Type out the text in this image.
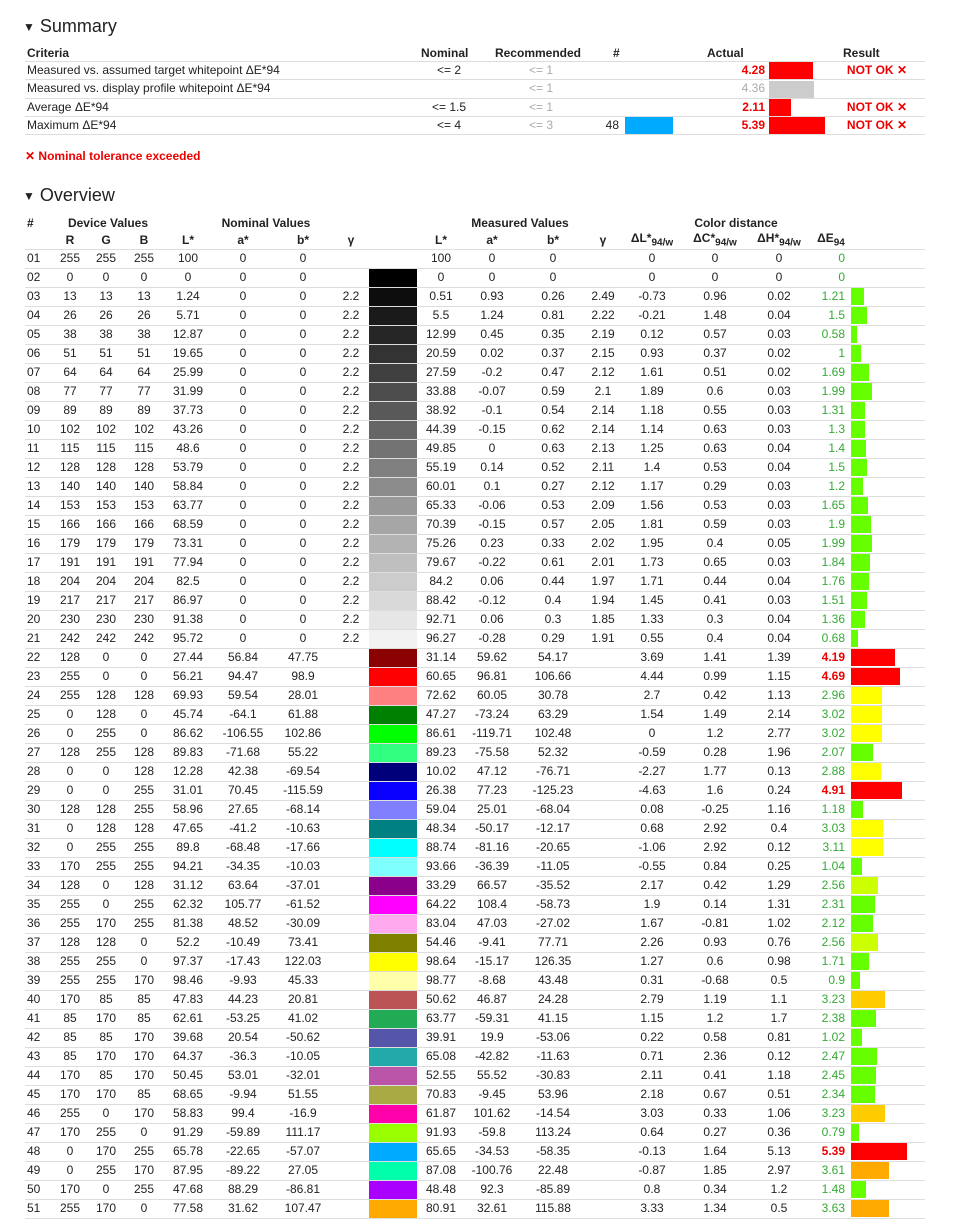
▼ Summary
Criteria	Nominal	Recommended	#	Actual		Result
Measured vs. assumed target whitepoint ΔE*94	<= 2	<= 1		4.28		NOT OK ✕
Measured vs. display profile whitepoint ΔE*94		<= 1		4.36		
Average ΔE*94	<= 1.5	<= 1		2.11		NOT OK ✕
Maximum ΔE*94	<= 4	<= 3	48	5.39		NOT OK ✕
✕ Nominal tolerance exceeded
▼ Overview
#	Device Values			Nominal Values					Measured Values				Color distance				
	R	G	B	L*	a*	b*	γ		L*	a*	b*	γ	$\Delta L*_{94/w}$	$\Delta C*_{94/w}$	$\Delta H*_{94/w}$	$\Delta E_{94}$	
01	255	255	255	100	0	0			100	0	0		0	0	0	0	
02	0	0	0	0	0	0			0	0	0		0	0	0	0	
03	13	13	13	1.24	0	0	2.2		0.51	0.93	0.26	2.49	-0.73	0.96	0.02	1.21	

04	26	26	26	5.71	0	0	2.2		5.5	1.24	0.81	2.22	-0.21	1.48	0.04	1.5	

05	38	38	38	12.87	0	0	2.2		12.99	0.45	0.35	2.19	0.12	0.57	0.03	0.58	

06	51	51	51	19.65	0	0	2.2		20.59	0.02	0.37	2.15	0.93	0.37	0.02	1	

07	64	64	64	25.99	0	0	2.2		27.59	-0.2	0.47	2.12	1.61	0.51	0.02	1.69	

08	77	77	77	31.99	0	0	2.2		33.88	-0.07	0.59	2.1	1.89	0.6	0.03	1.99	

09	89	89	89	37.73	0	0	2.2		38.92	-0.1	0.54	2.14	1.18	0.55	0.03	1.31	

10	102	102	102	43.26	0	0	2.2		44.39	-0.15	0.62	2.14	1.14	0.63	0.03	1.3	

11	115	115	115	48.6	0	0	2.2		49.85	0	0.63	2.13	1.25	0.63	0.04	1.4	

12	128	128	128	53.79	0	0	2.2		55.19	0.14	0.52	2.11	1.4	0.53	0.04	1.5	

13	140	140	140	58.84	0	0	2.2		60.01	0.1	0.27	2.12	1.17	0.29	0.03	1.2	

14	153	153	153	63.77	0	0	2.2		65.33	-0.06	0.53	2.09	1.56	0.53	0.03	1.65	

15	166	166	166	68.59	0	0	2.2		70.39	-0.15	0.57	2.05	1.81	0.59	0.03	1.9	

16	179	179	179	73.31	0	0	2.2		75.26	0.23	0.33	2.02	1.95	0.4	0.05	1.99	

17	191	191	191	77.94	0	0	2.2		79.67	-0.22	0.61	2.01	1.73	0.65	0.03	1.84	

18	204	204	204	82.5	0	0	2.2		84.2	0.06	0.44	1.97	1.71	0.44	0.04	1.76	

19	217	217	217	86.97	0	0	2.2		88.42	-0.12	0.4	1.94	1.45	0.41	0.03	1.51	

20	230	230	230	91.38	0	0	2.2		92.71	0.06	0.3	1.85	1.33	0.3	0.04	1.36	

21	242	242	242	95.72	0	0	2.2		96.27	-0.28	0.29	1.91	0.55	0.4	0.04	0.68	

22	128	0	0	27.44	56.84	47.75			31.14	59.62	54.17		3.69	1.41	1.39	4.19	

23	255	0	0	56.21	94.47	98.9			60.65	96.81	106.66		4.44	0.99	1.15	4.69	

24	255	128	128	69.93	59.54	28.01			72.62	60.05	30.78		2.7	0.42	1.13	2.96	

25	0	128	0	45.74	-64.1	61.88			47.27	-73.24	63.29		1.54	1.49	2.14	3.02	

26	0	255	0	86.62	-106.55	102.86			86.61	-119.71	102.48		0	1.2	2.77	3.02	

27	128	255	128	89.83	-71.68	55.22			89.23	-75.58	52.32		-0.59	0.28	1.96	2.07	

28	0	0	128	12.28	42.38	-69.54			10.02	47.12	-76.71		-2.27	1.77	0.13	2.88	

29	0	0	255	31.01	70.45	-115.59			26.38	77.23	-125.23		-4.63	1.6	0.24	4.91	

30	128	128	255	58.96	27.65	-68.14			59.04	25.01	-68.04		0.08	-0.25	1.16	1.18	

31	0	128	128	47.65	-41.2	-10.63			48.34	-50.17	-12.17		0.68	2.92	0.4	3.03	

32	0	255	255	89.8	-68.48	-17.66			88.74	-81.16	-20.65		-1.06	2.92	0.12	3.11	

33	170	255	255	94.21	-34.35	-10.03			93.66	-36.39	-11.05		-0.55	0.84	0.25	1.04	

34	128	0	128	31.12	63.64	-37.01			33.29	66.57	-35.52		2.17	0.42	1.29	2.56	

35	255	0	255	62.32	105.77	-61.52			64.22	108.4	-58.73		1.9	0.14	1.31	2.31	

36	255	170	255	81.38	48.52	-30.09			83.04	47.03	-27.02		1.67	-0.81	1.02	2.12	

37	128	128	0	52.2	-10.49	73.41			54.46	-9.41	77.71		2.26	0.93	0.76	2.56	

38	255	255	0	97.37	-17.43	122.03			98.64	-15.17	126.35		1.27	0.6	0.98	1.71	

39	255	255	170	98.46	-9.93	45.33			98.77	-8.68	43.48		0.31	-0.68	0.5	0.9	

40	170	85	85	47.83	44.23	20.81			50.62	46.87	24.28		2.79	1.19	1.1	3.23	

41	85	170	85	62.61	-53.25	41.02			63.77	-59.31	41.15		1.15	1.2	1.7	2.38	

42	85	85	170	39.68	20.54	-50.62			39.91	19.9	-53.06		0.22	0.58	0.81	1.02	

43	85	170	170	64.37	-36.3	-10.05			65.08	-42.82	-11.63		0.71	2.36	0.12	2.47	

44	170	85	170	50.45	53.01	-32.01			52.55	55.52	-30.83		2.11	0.41	1.18	2.45	

45	170	170	85	68.65	-9.94	51.55			70.83	-9.45	53.96		2.18	0.67	0.51	2.34	

46	255	0	170	58.83	99.4	-16.9			61.87	101.62	-14.54		3.03	0.33	1.06	3.23	

47	170	255	0	91.29	-59.89	111.17			91.93	-59.8	113.24		0.64	0.27	0.36	0.79	

48	0	170	255	65.78	-22.65	-57.07			65.65	-34.53	-58.35		-0.13	1.64	5.13	5.39	

49	0	255	170	87.95	-89.22	27.05			87.08	-100.76	22.48		-0.87	1.85	2.97	3.61	

50	170	0	255	47.68	88.29	-86.81			48.48	92.3	-85.89		0.8	0.34	1.2	1.48	

51	255	170	0	77.58	31.62	107.47			80.91	32.61	115.88		3.33	1.34	0.5	3.63	
